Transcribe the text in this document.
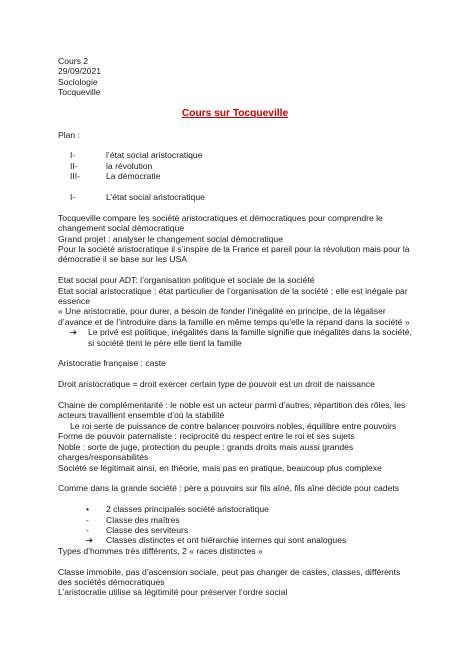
Cours 2
29/09/2021
Sociologie
Tocqueville
Cours sur Tocqueville
Plan :
I-	l’état social aristocratique
II-	la révolution
III-	La démocratie
I-	L’état social aristocratique
Tocqueville compare les société aristocratiques et démocratiques pour comprendre le changement social démocratique
Grand projet : analyser le changement social démocratique
Pour la société aristocratique il s’inspire de la France et pareil pour la révolution mais pour la démocratie il se base sur les USA
Etat social pour ADT: l’organisation politique et sociale de la société
Etat social aristocratique : état particulier de l’organisation de la société ; elle est inégale par essence
« Une aristocratie, pour durer, a besoin de fonder l’inégalité en principe, de la légaliser d’avance et de l’introduire dans la famille en même temps qu’elle la répand dans la société »
➔	Le privé est politique, inégalités dans la famille signifie que inégalités dans la société, si société tient le père elle tient la famille
Aristocratie française : caste
Droit aristocratique = droit exercer certain type de pouvoir est un droit de naissance
Chaine de complémentarité : le noble est un acteur parmi d’autres, répartition des rôles, les acteurs travaillent ensemble d’où la stabilité
Le roi serte de puissance de contre balancer pouvoirs nobles, équilibre entre pouvoirs
Forme de pouvoir paternaliste : reciprocité du respect entre le roi et ses sujets
Noble : sorte de juge, protection du peuple : grands droits mais aussi grandes charges/responsabilités
Société se légitimait ainsi, en théorie, mais pas en pratique, beaucoup plus complexe
Comme dans la grande société : père a pouvoirs sur fils aîné, fils aîne décide pour cadets
•	2 classes principales société aristocratique
-	Classe des maîtres
-	Classe des serviteurs
➔	Classes distinctes et ont hiérarchie internes qui sont analogues
Types d’hommes très différents, 2 « races distinctes »
Classe immobile, pas d’ascension sociale, peut pas changer de castes, classes, différents des sociétés démocratiques
L’aristocratie utilise sa légitimité pour préserver l’ordre social
